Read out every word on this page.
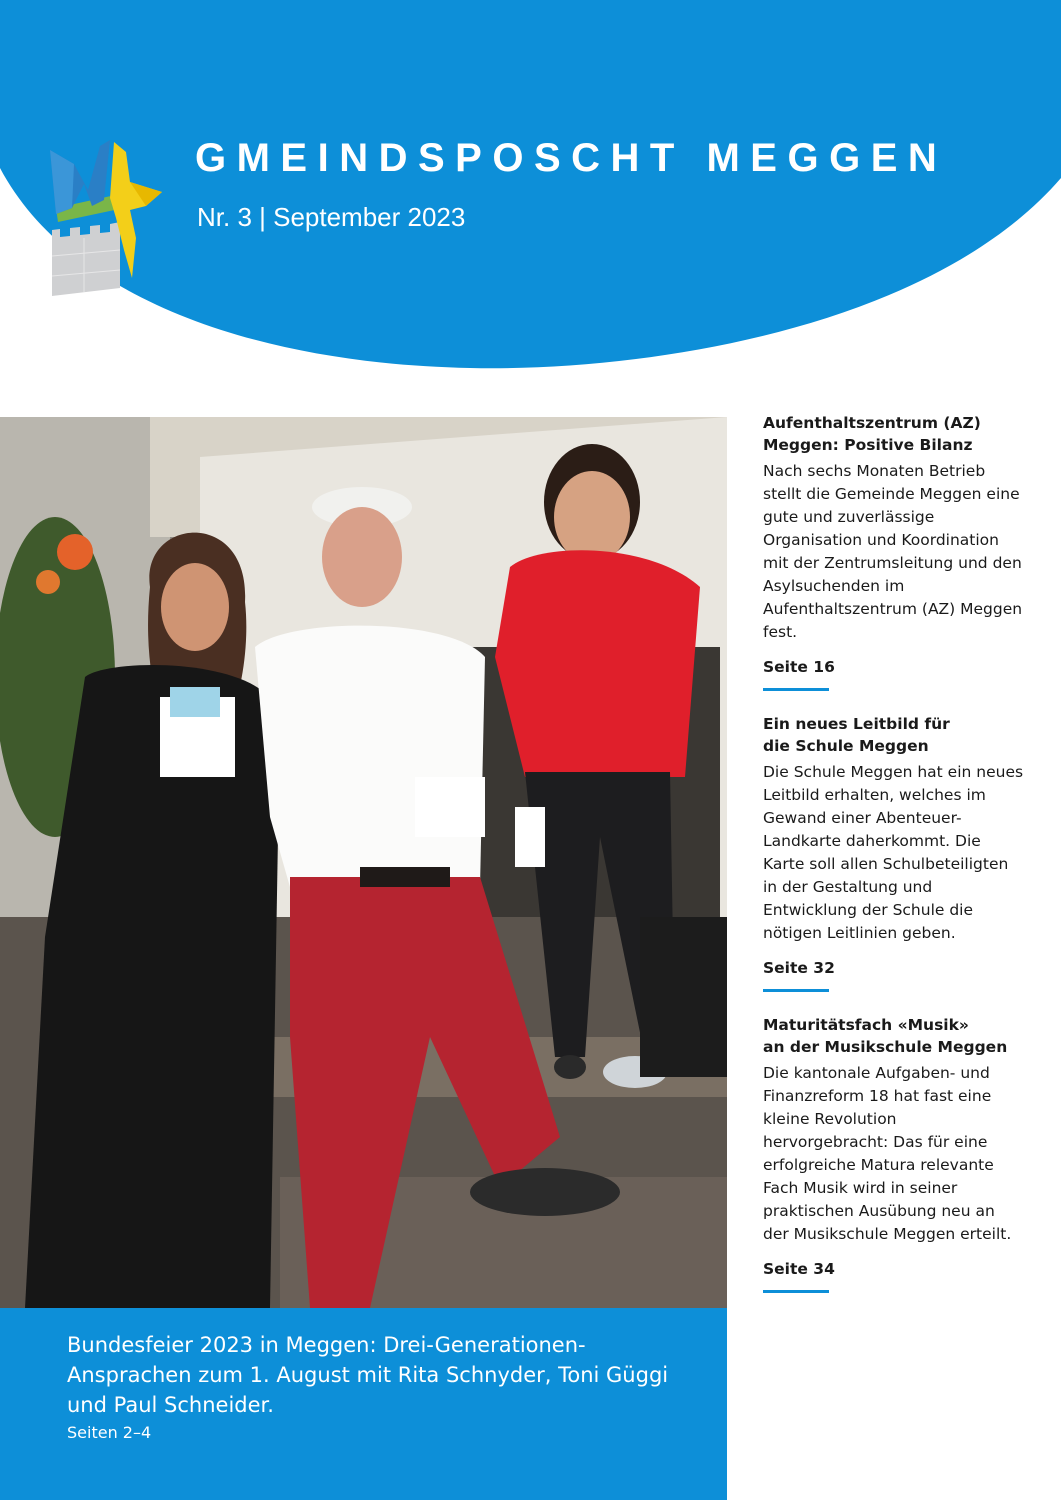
GMEINDSPOSCHT MEGGEN
Nr. 3 | September 2023
Bundesfeier 2023 in Meggen: Drei-Generationen-Ansprachen zum 1. August mit Rita Schnyder, Toni Güggi und Paul Schneider.
Seiten 2–4
Aufenthaltszentrum (AZ)
Meggen: Positive Bilanz

Nach sechs Monaten Betrieb stellt die Gemeinde Meggen eine gute und zuverlässige Organisation und Koordination mit der Zentrumsleitung und den Asylsuchenden im Aufenthaltszentrum (AZ) Meggen fest.

Seite 16
Ein neues Leitbild für
die Schule Meggen

Die Schule Meggen hat ein neues Leitbild erhalten, welches im Gewand einer Abenteuer-Landkarte daherkommt. Die Karte soll allen Schulbeteiligten in der Gestaltung und Entwicklung der Schule die nötigen Leitlinien geben.

Seite 32
Maturitätsfach «Musik»
an der Musikschule Meggen

Die kantonale Aufgaben- und Finanzreform 18 hat fast eine kleine Revolution hervorgebracht: Das für eine erfolgreiche Matura relevante Fach Musik wird in seiner praktischen Ausübung neu an der Musikschule Meggen erteilt.

Seite 34
